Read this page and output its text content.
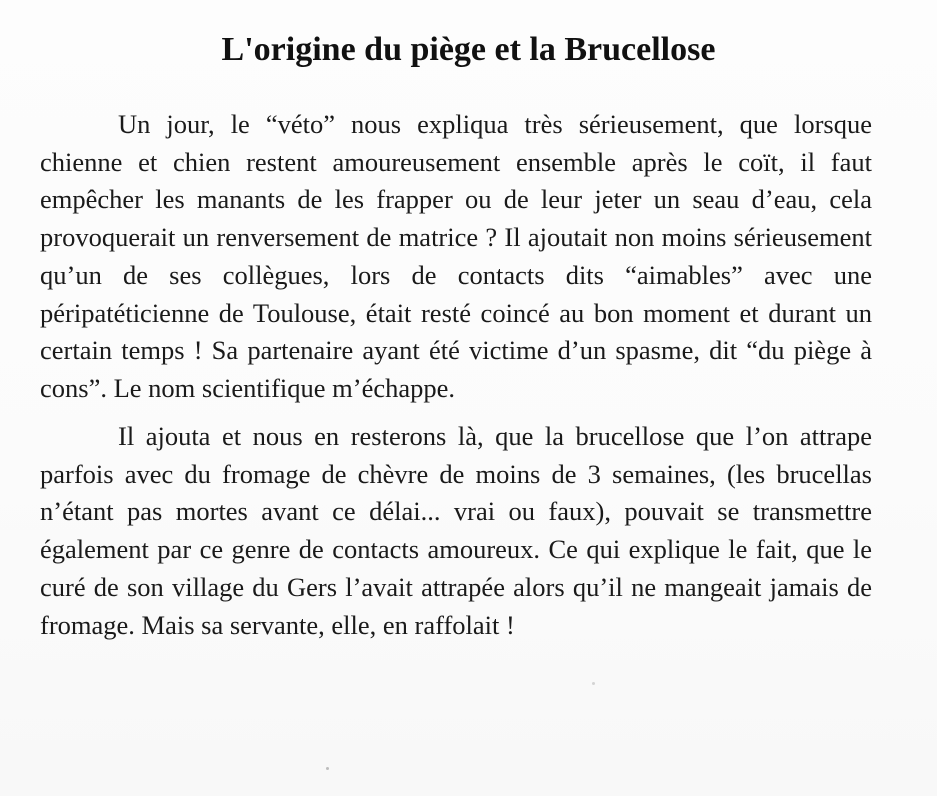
L'origine du piège et la Brucellose

Un jour, le “véto” nous expliqua très sérieusement, que lorsque chienne et chien restent amoureusement ensemble après le coït, il faut empêcher les manants de les frapper ou de leur jeter un seau d’eau, cela provoquerait un renversement de matrice ? Il ajoutait non moins sérieusement qu’un de ses collègues, lors de contacts dits “aimables” avec une péripatéticienne de Toulouse, était resté coincé au bon moment et durant un certain temps ! Sa partenaire ayant été victime d’un spasme, dit “du piège à cons”. Le nom scientifique m’échappe.

Il ajouta et nous en resterons là, que la brucellose que l’on attrape parfois avec du fromage de chèvre de moins de 3 semaines, (les brucellas n’étant pas mortes avant ce délai... vrai ou faux), pouvait se transmettre également par ce genre de contacts amoureux. Ce qui explique le fait, que le curé de son village du Gers l’avait attrapée alors qu’il ne mangeait jamais de fromage. Mais sa servante, elle, en raffolait !
